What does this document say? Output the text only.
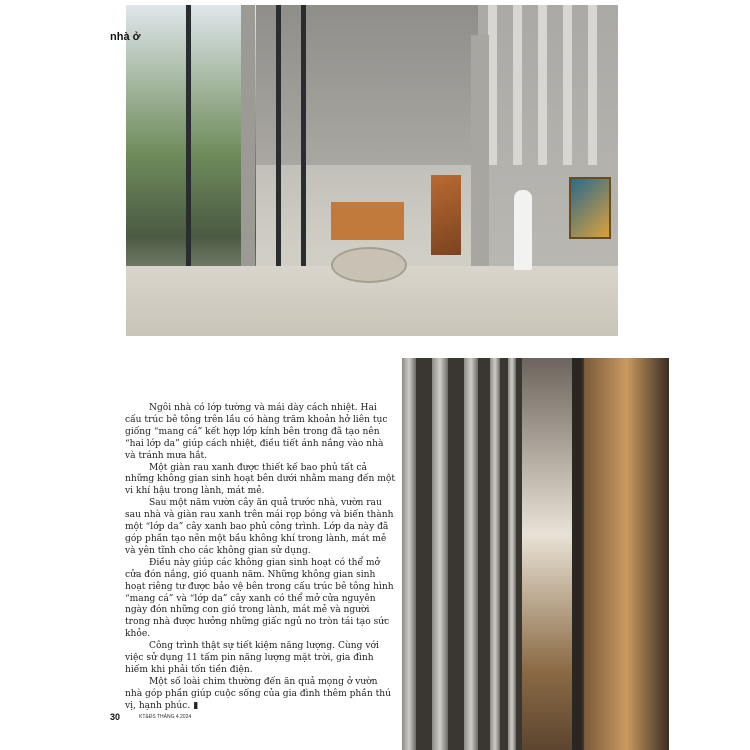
nhà ở

Ngôi nhà có lớp tường và mái dày cách nhiệt. Hai cấu trúc bê tông trên lầu có hàng trăm khoản hở liên tục giống “mang cá” kết hợp lớp kính bên trong đã tạo nên “hai lớp da” giúp cách nhiệt, điều tiết ánh nắng vào nhà và tránh mưa hắt.

Một giàn rau xanh được thiết kế bao phủ tất cả những không gian sinh hoạt bên dưới nhằm mang đến một vi khí hậu trong lành, mát mẻ.

Sau một năm vườn cây ăn quả trước nhà, vườn rau sau nhà và giàn rau xanh trên mái rọp bóng và biến thành một “lớp da” cây xanh bao phủ công trình. Lớp da này đã góp phần tạo nên một bầu không khí trong lành, mát mẻ và yên tĩnh cho các không gian sử dụng.

Điều này giúp các không gian sinh hoạt có thể mở cửa đón nắng, gió quanh năm. Những không gian sinh hoạt riêng tư được bảo vệ bên trong cấu trúc bê tông hình “mang cá” và “lớp da” cây xanh có thể mở cửa nguyên ngày đón những con gió trong lành, mát mẻ và người trong nhà được hưởng những giấc ngủ no tròn tái tạo sức khỏe.

Công trình thật sự tiết kiệm năng lượng. Cùng với việc sử dụng 11 tấm pin năng lượng mặt trời, gia đình hiếm khi phải tốn tiền điện.

Một số loài chim thường đến ăn quả mọng ở vườn nhà góp phần giúp cuộc sống của gia đình thêm phần thú vị, hạnh phúc. ▮

30	KT&ĐS THÁNG 4.2024
